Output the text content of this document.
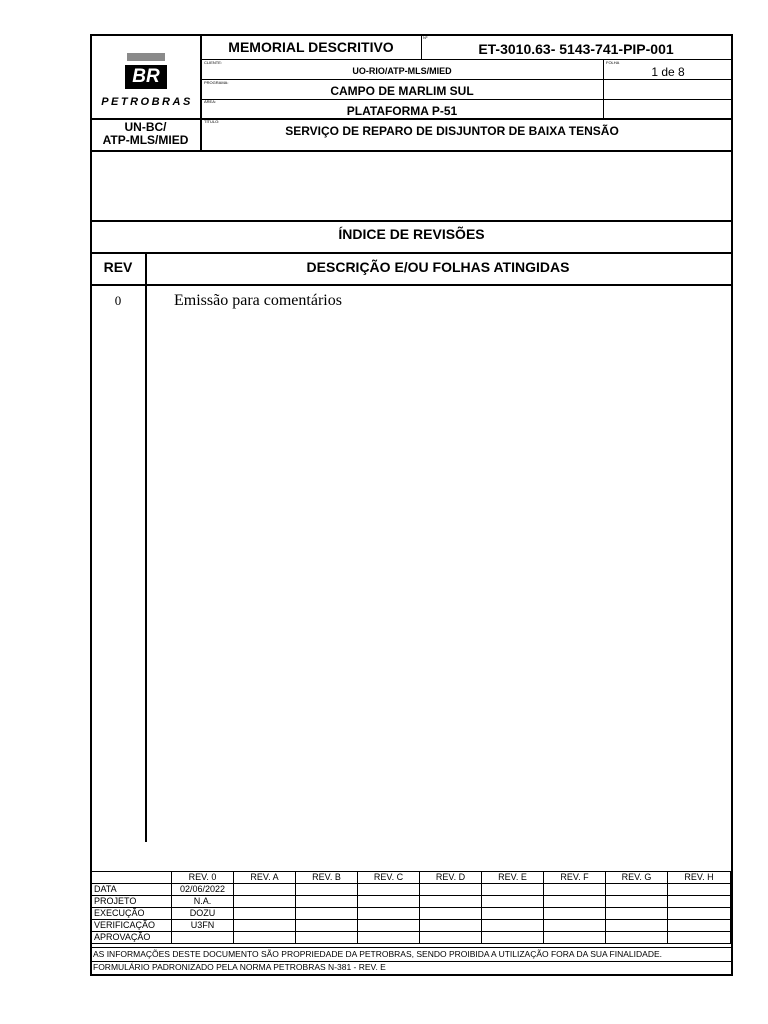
MEMORIAL DESCRITIVO
Nº
ET-3010.63- 5143-741-PIP-001
CLIENTE:
UO-RIO/ATP-MLS/MIED
FOLHA
1 de 8
PROGRAMA:
CAMPO DE MARLIM SUL
ÁREA:
PLATAFORMA P-51
TÍTULO:
SERVIÇO DE REPARO DE DISJUNTOR DE BAIXA TENSÃO
BR
PETROBRAS
UN-BC/
ATP-MLS/MIED
ÍNDICE DE REVISÕES
REV	DESCRIÇÃO E/OU FOLHAS ATINGIDAS
0	Emissão para comentários
	REV. 0	REV. A	REV. B	REV. C	REV. D	REV. E	REV. F	REV. G	REV. H
DATA	02/06/2022								
PROJETO	N.A.								
EXECUÇÃO	DOZU								
VERIFICAÇÃO	U3FN								
APROVAÇÃO									
AS INFORMAÇÕES DESTE DOCUMENTO SÃO PROPRIEDADE DA PETROBRAS, SENDO PROIBIDA A UTILIZAÇÃO FORA DA SUA FINALIDADE.
FORMULÁRIO PADRONIZADO PELA NORMA PETROBRAS N-381 - REV. E
